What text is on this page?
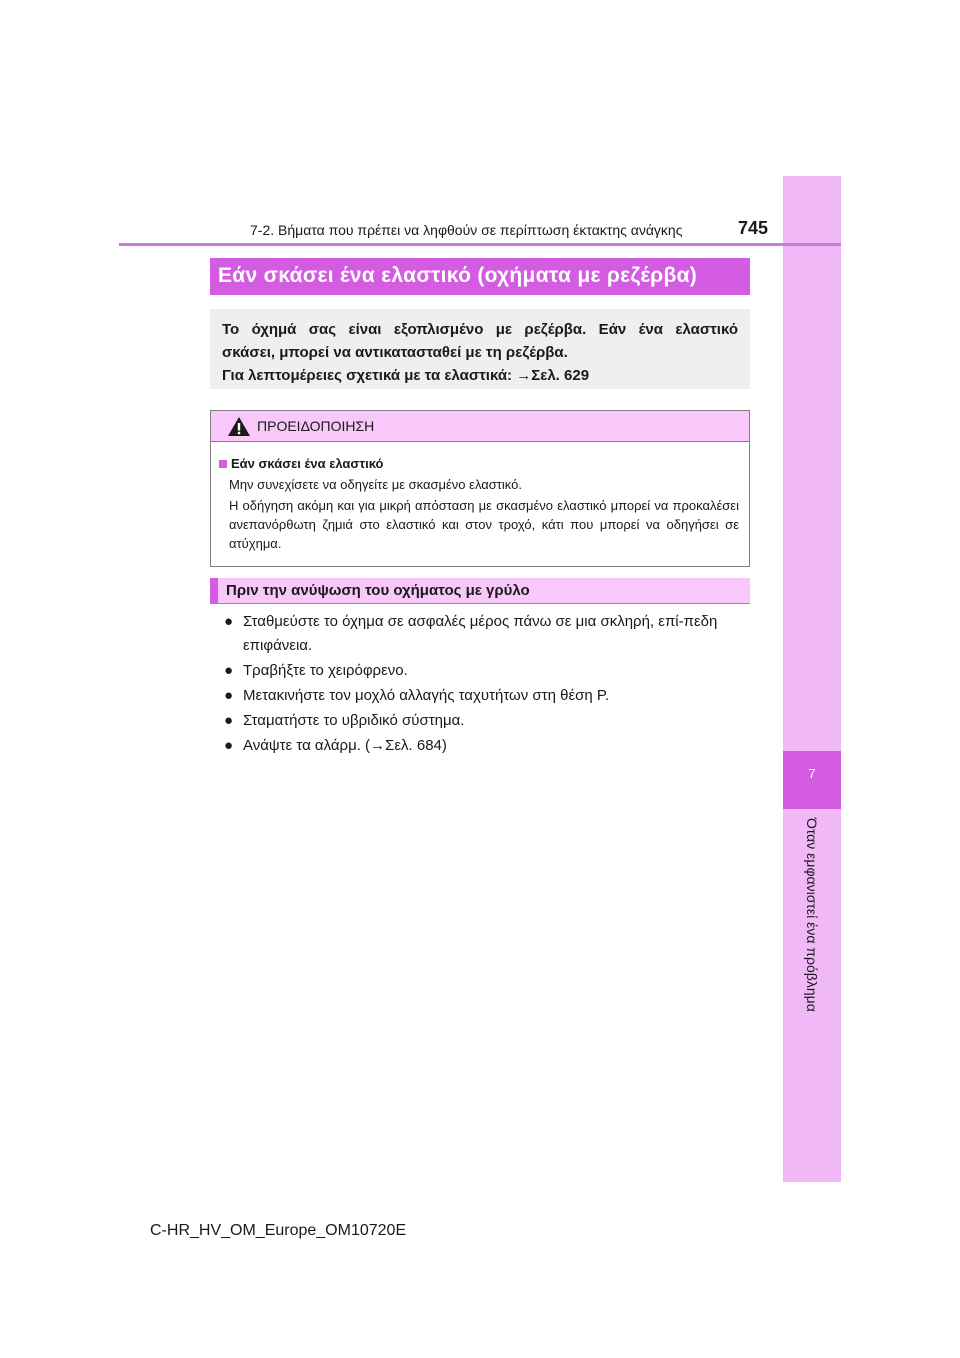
7
Όταν εμφανιστεί ένα πρόβλημα
7-2. Βήματα που πρέπει να ληφθούν σε περίπτωση έκτακτης ανάγκης	745
Εάν σκάσει ένα ελαστικό (οχήματα με ρεζέρβα)
Το όχημά σας είναι εξοπλισμένο με ρεζέρβα. Εάν ένα ελαστικό
σκάσει, μπορεί να αντικατασταθεί με τη ρεζέρβα.
Για λεπτομέρειες σχετικά με τα ελαστικά: →Σελ. 629
ΠΡΟΕΙΔΟΠΟΙΗΣΗ
Εάν σκάσει ένα ελαστικό

Μην συνεχίσετε να οδηγείτε με σκασμένο ελαστικό.

Η οδήγηση ακόμη και για μικρή απόσταση με σκασμένο ελαστικό μπορεί να προκαλέσει ανεπανόρθωτη ζημιά στο ελαστικό και στον τροχό, κάτι που μπορεί να οδηγήσει σε ατύχημα.

Πριν την ανύψωση του οχήματος με γρύλο
● Σταθμεύστε το όχημα σε ασφαλές μέρος πάνω σε μια σκληρή, επί-πεδη επιφάνεια.
● Τραβήξτε το χειρόφρενο.
● Μετακινήστε τον μοχλό αλλαγής ταχυτήτων στη θέση P.
● Σταματήστε το υβριδικό σύστημα.
● Ανάψτε τα αλάρμ. (→Σελ. 684)
C-HR_HV_OM_Europe_OM10720E
